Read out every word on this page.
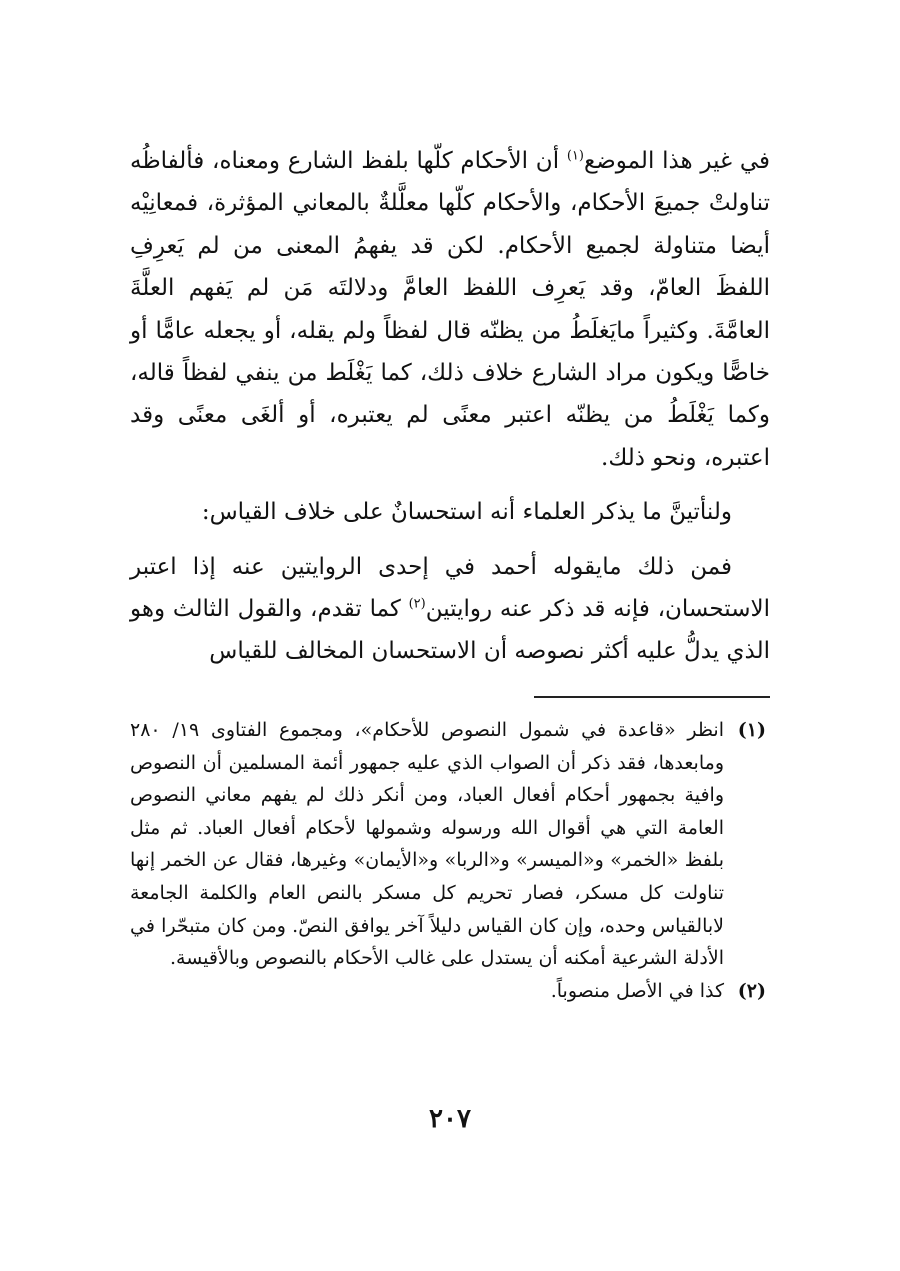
في غير هذا الموضع$^{(١)}$ أن الأحكام كلّها بلفظ الشارع ومعناه، فألفاظُه تناولتْ جميعَ الأحكام، والأحكام كلّها معلَّلةٌ بالمعاني المؤثرة، فمعانِيْه أيضا متناولة لجميع الأحكام. لكن قد يفهمُ المعنى من لم يَعرِفِ اللفظَ العامّ، وقد يَعرِف اللفظ العامَّ ودلالتَه مَن لم يَفهم العلَّةَ العامَّةَ. وكثيراً مايَغلَطُ من يظنّه قال لفظاً ولم يقله، أو يجعله عامًّا أو خاصًّا ويكون مراد الشارع خلاف ذلك، كما يَغْلَط من ينفي لفظاً قاله، وكما يَغْلَطُ من يظنّه اعتبر معنًى لم يعتبره، أو ألغَى معنًى وقد اعتبره، ونحو ذلك.

ولنأتينَّ ما يذكر العلماء أنه استحسانٌ على خلاف القياس:

فمن ذلك مايقوله أحمد في إحدى الروايتين عنه إذا اعتبر الاستحسان، فإنه قد ذكر عنه روايتين$^{(٢)}$ كما تقدم، والقول الثالث وهو الذي يدلُّ عليه أكثر نصوصه أن الاستحسان المخالف للقياس

(١)
انظر «قاعدة في شمول النصوص للأحكام»، ومجموع الفتاوى ١٩/ ٢٨٠ ومابعدها، فقد ذكر أن الصواب الذي عليه جمهور أئمة المسلمين أن النصوص وافية بجمهور أحكام أفعال العباد، ومن أنكر ذلك لم يفهم معاني النصوص العامة التي هي أقوال الله ورسوله وشمولها لأحكام أفعال العباد. ثم مثل بلفظ «الخمر» و«الميسر» و«الربا» و«الأيمان» وغيرها، فقال عن الخمر إنها تناولت كل مسكر، فصار تحريم كل مسكر بالنص العام والكلمة الجامعة لابالقياس وحده، وإن كان القياس دليلاً آخر يوافق النصّ. ومن كان متبحّرا في الأدلة الشرعية أمكنه أن يستدل على غالب الأحكام بالنصوص وبالأقيسة.
(٢)
كذا في الأصل منصوباً.
٢٠٧
